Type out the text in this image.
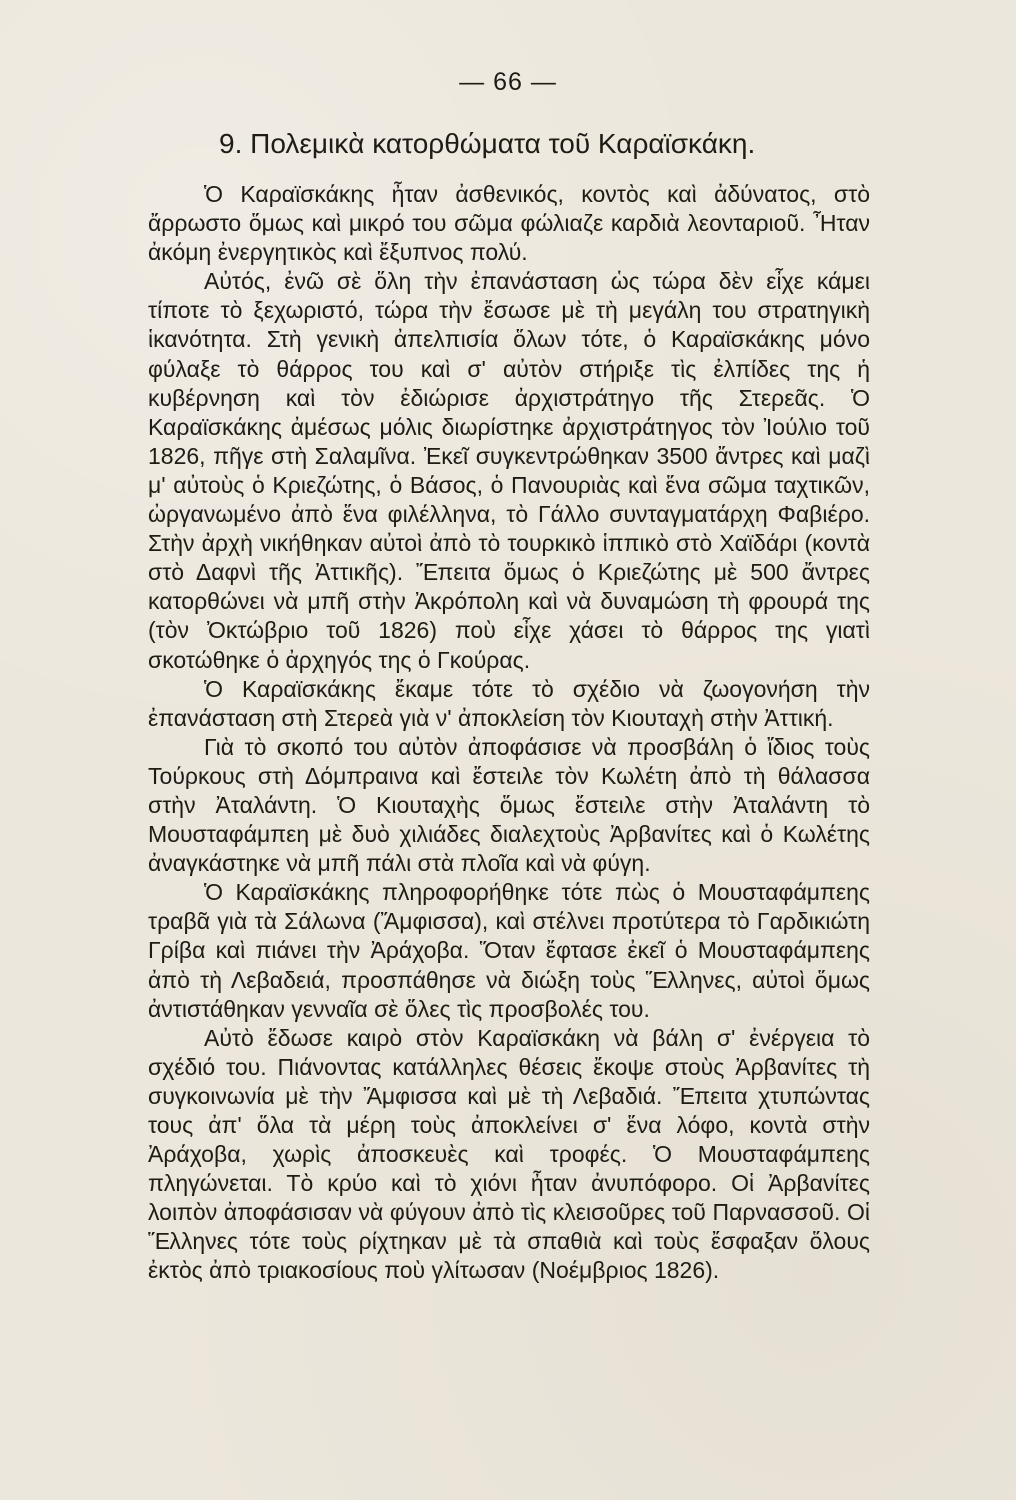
— 66 —
9. Πολεμικὰ κατορθώματα τοῦ Καραϊσκάκη.

Ὁ Καραϊσκάκης ἦταν ἀσθενικός, κοντὸς καὶ ἀδύνατος, στὸ ἄρρωστο ὅμως καὶ μικρό του σῶμα φώλιαζε καρδιὰ λεονταριοῦ. Ἦταν ἀκόμη ἐνεργητικὸς καὶ ἔξυπνος πολύ.

Αὐτός, ἐνῶ σὲ ὅλη τὴν ἐπανάσταση ὡς τώρα δὲν εἶχε κάμει τίποτε τὸ ξεχωριστό, τώρα τὴν ἔσωσε μὲ τὴ μεγάλη του στρατηγικὴ ἱκανότητα. Στὴ γενικὴ ἀπελπισία ὅλων τότε, ὁ Καραϊσκάκης μόνο φύλαξε τὸ θάρρος του καὶ σ' αὐτὸν στήριξε τὶς ἐλπίδες της ἡ κυβέρνηση καὶ τὸν ἐδιώρισε ἀρχιστράτηγο τῆς Στερεᾶς. Ὁ Καραϊσκάκης ἀμέσως μόλις διωρίστηκε ἀρχιστράτηγος τὸν Ἰούλιο τοῦ 1826, πῆγε στὴ Σαλαμῖνα. Ἐκεῖ συγκεντρώθηκαν 3500 ἄντρες καὶ μαζὶ μ' αὐτοὺς ὁ Κριεζώτης, ὁ Βάσος, ὁ Πανουριὰς καὶ ἕνα σῶμα ταχτικῶν, ὠργανωμένο ἀπὸ ἕνα φιλέλληνα, τὸ Γάλλο συνταγματάρχη Φαβιέρο. Στὴν ἀρχὴ νικήθηκαν αὐτοὶ ἀπὸ τὸ τουρκικὸ ἱππικὸ στὸ Χαϊδάρι (κοντὰ στὸ Δαφνὶ τῆς Ἀττικῆς). Ἔπειτα ὅμως ὁ Κριεζώτης μὲ 500 ἄντρες κατορθώνει νὰ μπῆ στὴν Ἀκρόπολη καὶ νὰ δυναμώση τὴ φρουρά της (τὸν Ὀκτώβριο τοῦ 1826) ποὺ εἶχε χάσει τὸ θάρρος της γιατὶ σκοτώθηκε ὁ ἀρχηγός της ὁ Γκούρας.

Ὁ Καραϊσκάκης ἔκαμε τότε τὸ σχέδιο νὰ ζωογονήση τὴν ἐπανάσταση στὴ Στερεὰ γιὰ ν' ἀποκλείση τὸν Κιουταχὴ στὴν Ἀττική.

Γιὰ τὸ σκοπό του αὐτὸν ἀποφάσισε νὰ προσβάλη ὁ ἴδιος τοὺς Τούρκους στὴ Δόμπραινα καὶ ἔστειλε τὸν Κωλέτη ἀπὸ τὴ θάλασσα στὴν Ἀταλάντη. Ὁ Κιουταχὴς ὅμως ἔστειλε στὴν Ἀταλάντη τὸ Μουσταφάμπεη μὲ δυὸ χιλιάδες διαλεχτοὺς Ἀρβανίτες καὶ ὁ Κωλέτης ἀναγκάστηκε νὰ μπῆ πάλι στὰ πλοῖα καὶ νὰ φύγη.

Ὁ Καραϊσκάκης πληροφορήθηκε τότε πὼς ὁ Μουσταφάμπεης τραβᾶ γιὰ τὰ Σάλωνα (Ἄμφισσα), καὶ στέλνει προτύτερα τὸ Γαρδικιώτη Γρίβα καὶ πιάνει τὴν Ἀράχοβα. Ὅταν ἔφτασε ἐκεῖ ὁ Μουσταφάμπεης ἀπὸ τὴ Λεβαδειά, προσπάθησε νὰ διώξη τοὺς Ἕλληνες, αὐτοὶ ὅμως ἀντιστάθηκαν γενναῖα σὲ ὅλες τὶς προσβολές του.

Αὐτὸ ἔδωσε καιρὸ στὸν Καραϊσκάκη νὰ βάλη σ' ἐνέργεια τὸ σχέδιό του. Πιάνοντας κατάλληλες θέσεις ἔκοψε στοὺς Ἀρβανίτες τὴ συγκοινωνία μὲ τὴν Ἄμφισσα καὶ μὲ τὴ Λεβαδιά. Ἔπειτα χτυπώντας τους ἀπ' ὅλα τὰ μέρη τοὺς ἀποκλείνει σ' ἕνα λόφο, κοντὰ στὴν Ἀράχοβα, χωρὶς ἀποσκευὲς καὶ τροφές. Ὁ Μουσταφάμπεης πληγώνεται. Τὸ κρύο καὶ τὸ χιόνι ἦταν ἀνυπόφορο. Οἱ Ἀρβανίτες λοιπὸν ἀποφάσισαν νὰ φύγουν ἀπὸ τὶς κλεισοῦρες τοῦ Παρνασσοῦ. Οἱ Ἕλληνες τότε τοὺς ρίχτηκαν μὲ τὰ σπαθιὰ καὶ τοὺς ἔσφαξαν ὅλους ἐκτὸς ἀπὸ τριακοσίους ποὺ γλίτωσαν (Νοέμβριος 1826).
